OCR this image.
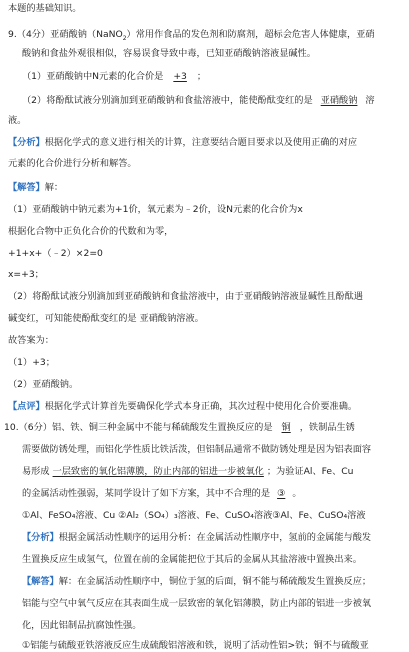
本题的基础知识。
9.（4分）亚硝酸钠（NaNO$_2$）常用作食品的发色剂和防腐剂，超标会危害人体健康，亚硝
酸钠和食盐外观很相似，容易误食导致中毒，已知亚硝酸钠溶液显碱性。
（1）亚硝酸钠中N元素的化合价是 +3 ；
（2）将酚酞试液分别滴加到亚硝酸钠和食盐溶液中，能使酚酞变红的是 亚硝酸钠 溶
液。
【分析】根据化学式的意义进行相关的计算，注意要结合题目要求以及使用正确的对应
元素的化合价进行分析和解答。
【解答】解：
（1）亚硝酸钠中钠元素为+1价，氧元素为﹣2价，设N元素的化合价为x
根据化合物中正负化合价的代数和为零，
+1+x+（﹣2）×2=0
x=+3；
（2）将酚酞试液分别滴加到亚硝酸钠和食盐溶液中，由于亚硝酸钠溶液显碱性且酚酞遇
碱变红，可知能使酚酞变红的是 亚硝酸钠溶液。
故答案为：
（1）+3；
（2）亚硝酸钠。
【点评】根据化学式计算首先要确保化学式本身正确，其次过程中使用化合价要准确。
10.（6分）铝、铁、铜三种金属中不能与稀硫酸发生置换反应的是 铜 ，铁制品生锈
需要做防锈处理，而铝化学性质比铁活泼，但铝制品通常不做防锈处理是因为铝表面容
易形成 一层致密的氧化铝薄膜，防止内部的铝进一步被氧化 ；为验证Al、Fe、Cu
的金属活动性强弱，某同学设计了如下方案，其中不合理的是 ③ 。
①Al、FeSO₄溶液、Cu ②Al₂（SO₄）₃溶液、Fe、CuSO₄溶液③Al、Fe、CuSO₄溶液
【分析】根据金属活动性顺序的运用分析：在金属活动性顺序中，氢前的金属能与酸发
生置换反应生成氢气，位置在前的金属能把位于其后的金属从其盐溶液中置换出来。
【解答】解：在金属活动性顺序中，铜位于氢的后面，铜不能与稀硫酸发生置换反应；
铝能与空气中氧气反应在其表面生成一层致密的氧化铝薄膜，防止内部的铝进一步被氧
化，因此铝制品抗腐蚀性强。
①铝能与硫酸亚铁溶液反应生成硫酸铝溶液和铁，说明了活动性铝>铁；铜不与硫酸亚
